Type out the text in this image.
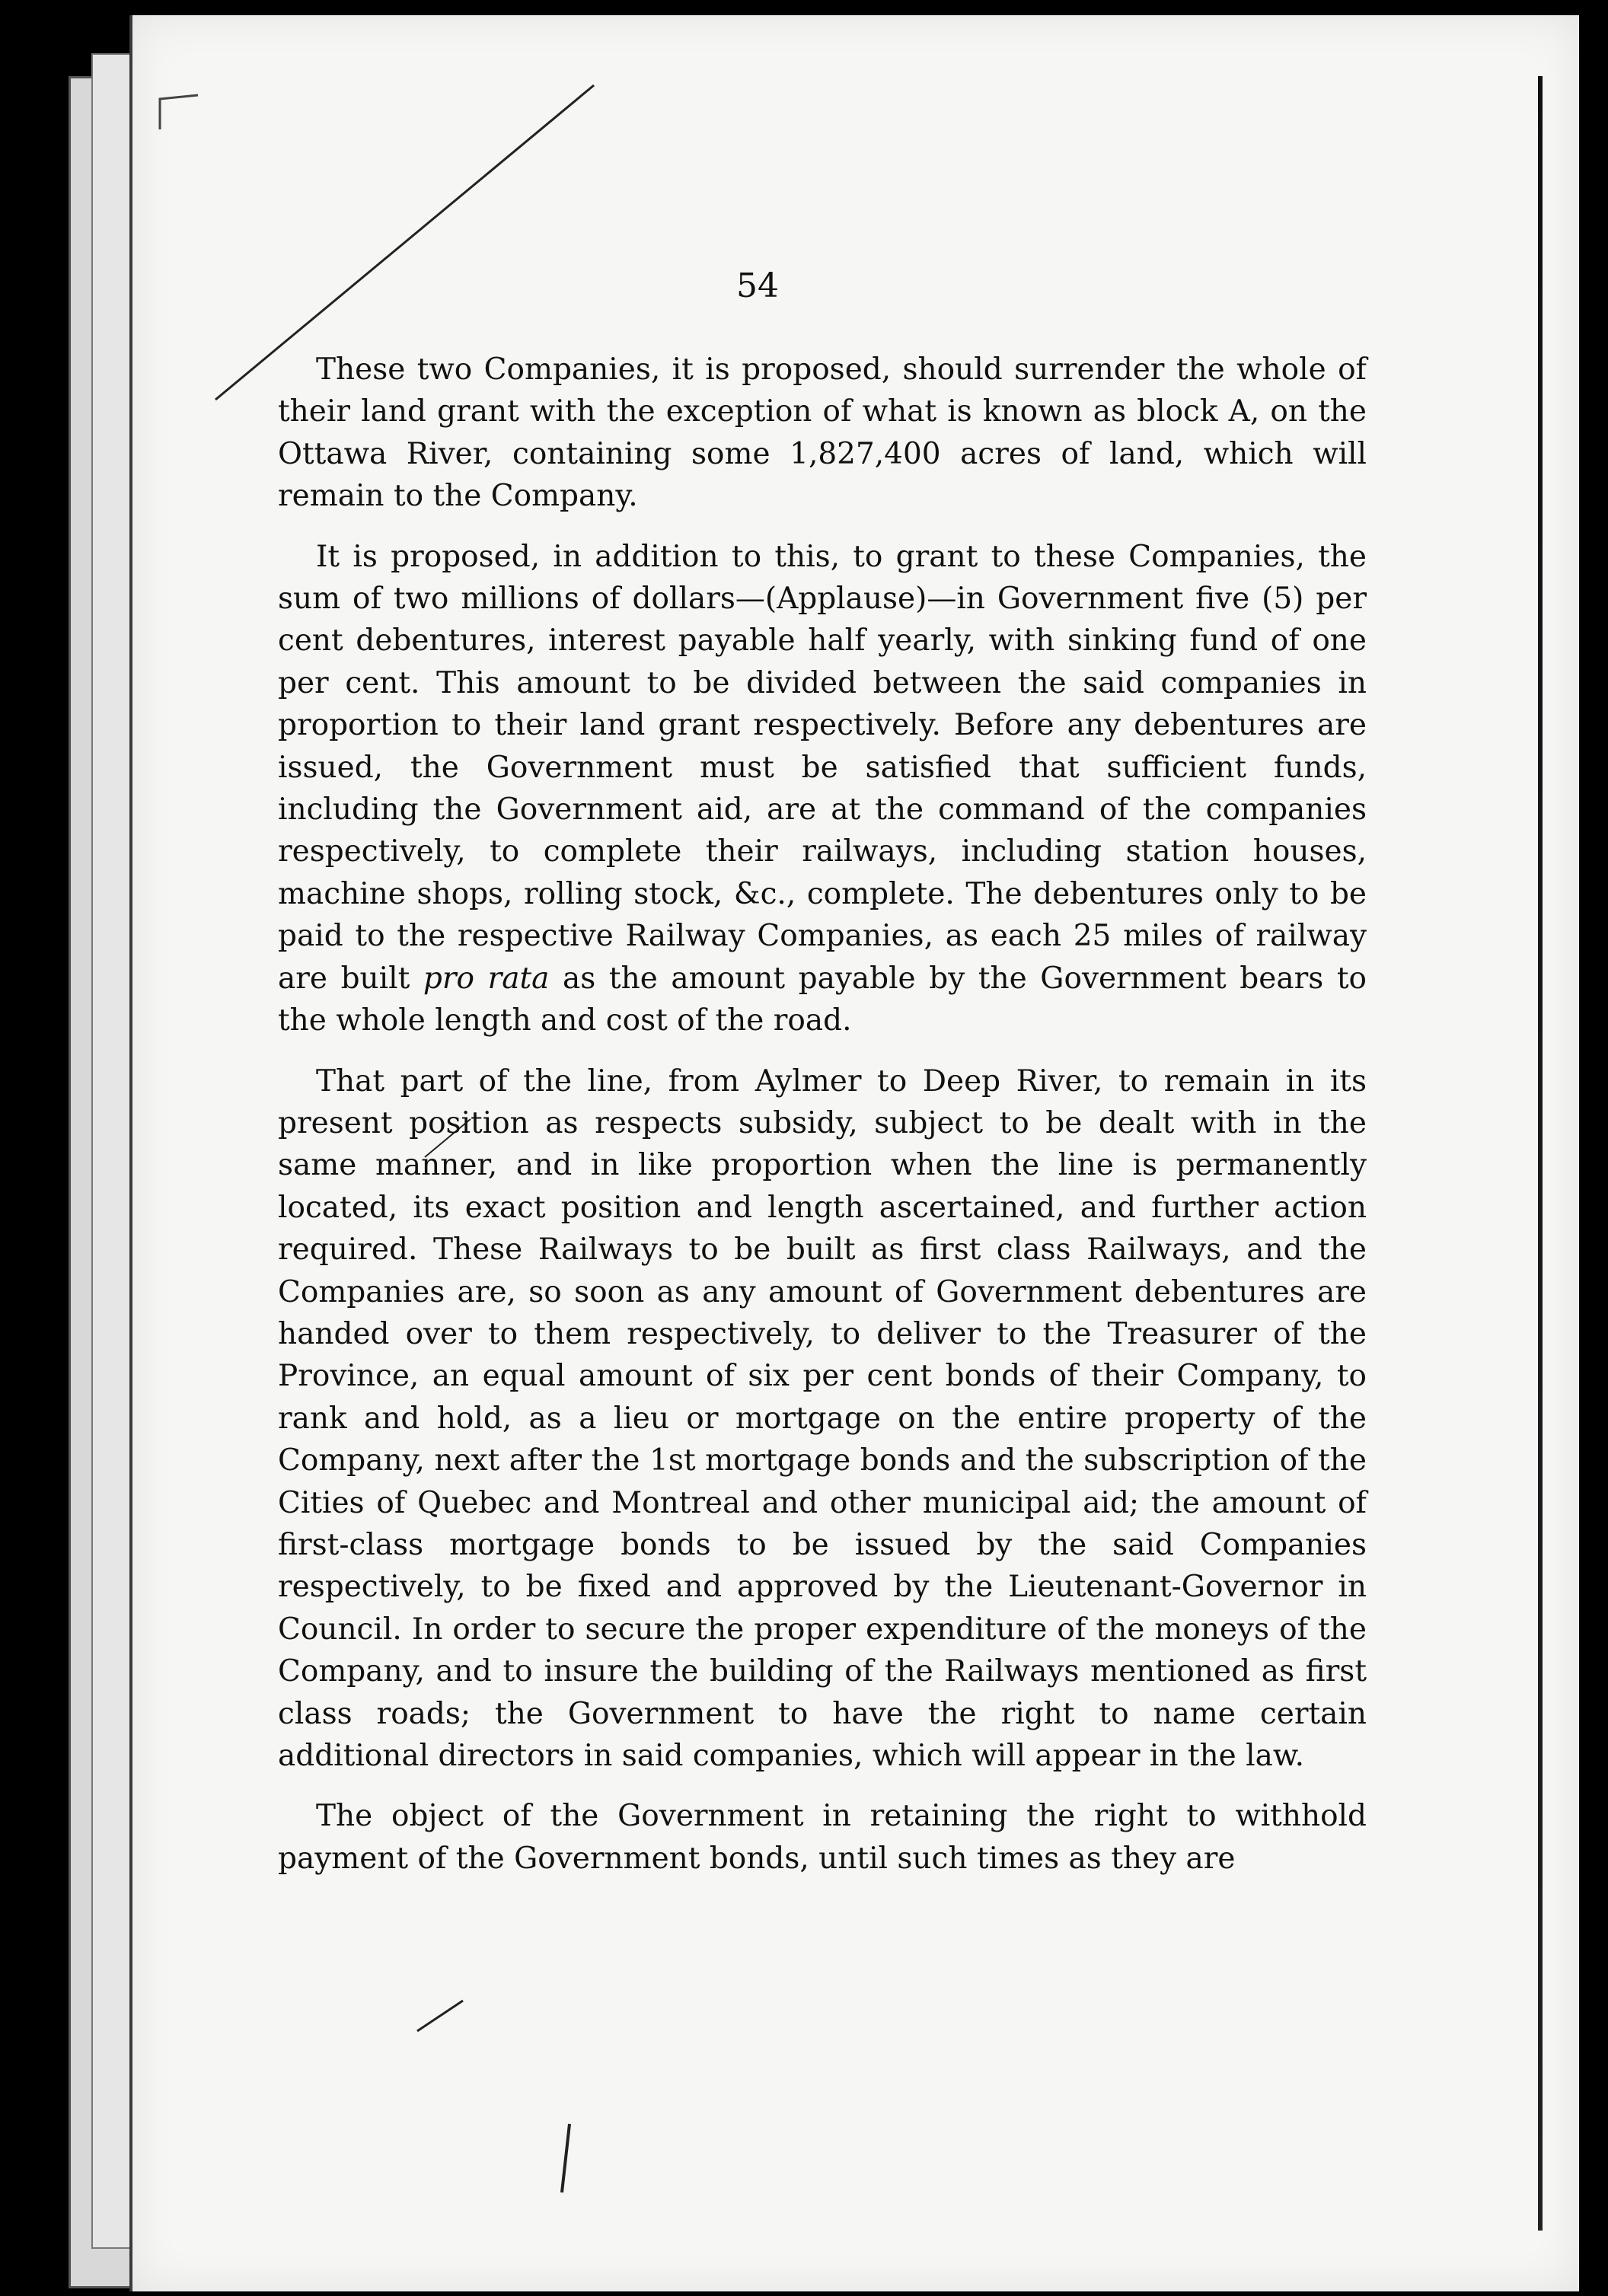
54

These two Companies, it is proposed, should surrender the whole of their land grant with the exception of what is known as block A, on the Ottawa River, containing some 1,827,400 acres of land, which will remain to the Company.

It is proposed, in addition to this, to grant to these Companies, the sum of two millions of dollars—(Applause)—in Government five (5) per cent debentures, interest payable half yearly, with sinking fund of one per cent. This amount to be divided between the said companies in proportion to their land grant respectively. Before any debentures are issued, the Government must be satisfied that sufficient funds, including the Government aid, are at the command of the companies respectively, to complete their railways, including station houses, machine shops, rolling stock, &c., complete. The debentures only to be paid to the respective Railway Companies, as each 25 miles of railway are built pro rata as the amount payable by the Government bears to the whole length and cost of the road.

That part of the line, from Aylmer to Deep River, to remain in its present position as respects subsidy, subject to be dealt with in the same manner, and in like proportion when the line is permanently located, its exact position and length ascertained, and further action required. These Railways to be built as first class Railways, and the Companies are, so soon as any amount of Government debentures are handed over to them respectively, to deliver to the Treasurer of the Province, an equal amount of six per cent bonds of their Company, to rank and hold, as a lieu or mortgage on the entire property of the Company, next after the 1st mortgage bonds and the subscription of the Cities of Quebec and Montreal and other municipal aid; the amount of first-class mortgage bonds to be issued by the said Companies respectively, to be fixed and approved by the Lieutenant-Governor in Council. In order to secure the proper expenditure of the moneys of the Company, and to insure the building of the Railways mentioned as first class roads; the Government to have the right to name certain additional directors in said companies, which will appear in the law.

The object of the Government in retaining the right to withhold payment of the Government bonds, until such times as they are
